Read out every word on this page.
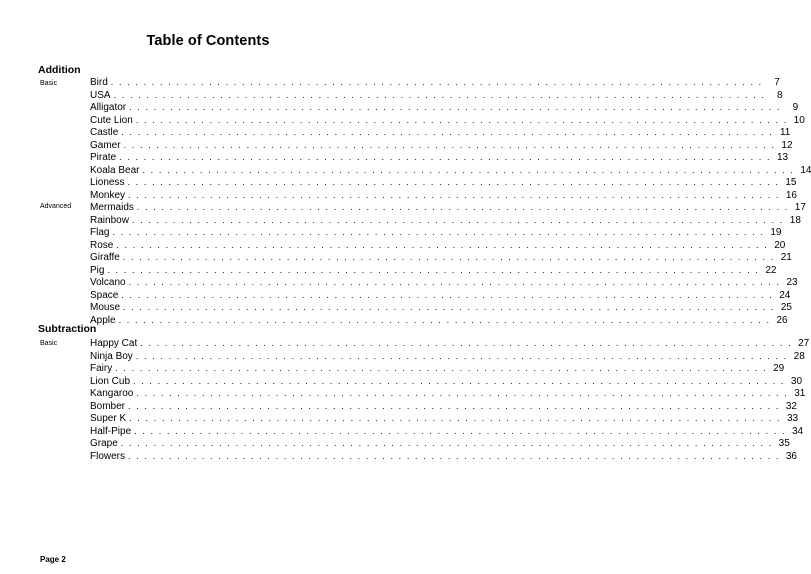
Table of Contents
Addition
Basic
Advanced
Subtraction
Basic
Bird . . . . . . . . . . . . . . . . . . . . . . . . . . . . . . . . . . . . . . . . . . . . . . . . . . . . . . . . . . . . . . . . . . . . . . . . . . . . . . . .	7
USA . . . . . . . . . . . . . . . . . . . . . . . . . . . . . . . . . . . . . . . . . . . . . . . . . . . . . . . . . . . . . . . . . . . . . . . . . . . . . . . .	8
Alligator . . . . . . . . . . . . . . . . . . . . . . . . . . . . . . . . . . . . . . . . . . . . . . . . . . . . . . . . . . . . . . . . . . . . . . . . . . . . . . . .	9
Cute Lion . . . . . . . . . . . . . . . . . . . . . . . . . . . . . . . . . . . . . . . . . . . . . . . . . . . . . . . . . . . . . . . . . . . . . . . . . . . . . . . . 10
Castle . . . . . . . . . . . . . . . . . . . . . . . . . . . . . . . . . . . . . . . . . . . . . . . . . . . . . . . . . . . . . . . . . . . . . . . . . . . . . . . . 11
Gamer . . . . . . . . . . . . . . . . . . . . . . . . . . . . . . . . . . . . . . . . . . . . . . . . . . . . . . . . . . . . . . . . . . . . . . . . . . . . . . . . 12
Pirate . . . . . . . . . . . . . . . . . . . . . . . . . . . . . . . . . . . . . . . . . . . . . . . . . . . . . . . . . . . . . . . . . . . . . . . . . . . . . . . . 13
Koala Bear . . . . . . . . . . . . . . . . . . . . . . . . . . . . . . . . . . . . . . . . . . . . . . . . . . . . . . . . . . . . . . . . . . . . . . . . . . . . . . . . 14
Lioness . . . . . . . . . . . . . . . . . . . . . . . . . . . . . . . . . . . . . . . . . . . . . . . . . . . . . . . . . . . . . . . . . . . . . . . . . . . . . . . . 15
Monkey . . . . . . . . . . . . . . . . . . . . . . . . . . . . . . . . . . . . . . . . . . . . . . . . . . . . . . . . . . . . . . . . . . . . . . . . . . . . . . . . 16
Mermaids . . . . . . . . . . . . . . . . . . . . . . . . . . . . . . . . . . . . . . . . . . . . . . . . . . . . . . . . . . . . . . . . . . . . . . . . . . . . . . . . 17
Rainbow . . . . . . . . . . . . . . . . . . . . . . . . . . . . . . . . . . . . . . . . . . . . . . . . . . . . . . . . . . . . . . . . . . . . . . . . . . . . . . . . 18
Flag . . . . . . . . . . . . . . . . . . . . . . . . . . . . . . . . . . . . . . . . . . . . . . . . . . . . . . . . . . . . . . . . . . . . . . . . . . . . . . . . 19
Rose . . . . . . . . . . . . . . . . . . . . . . . . . . . . . . . . . . . . . . . . . . . . . . . . . . . . . . . . . . . . . . . . . . . . . . . . . . . . . . . . 20
Giraffe . . . . . . . . . . . . . . . . . . . . . . . . . . . . . . . . . . . . . . . . . . . . . . . . . . . . . . . . . . . . . . . . . . . . . . . . . . . . . . . . 21
Pig . . . . . . . . . . . . . . . . . . . . . . . . . . . . . . . . . . . . . . . . . . . . . . . . . . . . . . . . . . . . . . . . . . . . . . . . . . . . . . . . 22
Volcano . . . . . . . . . . . . . . . . . . . . . . . . . . . . . . . . . . . . . . . . . . . . . . . . . . . . . . . . . . . . . . . . . . . . . . . . . . . . . . . . 23
Space . . . . . . . . . . . . . . . . . . . . . . . . . . . . . . . . . . . . . . . . . . . . . . . . . . . . . . . . . . . . . . . . . . . . . . . . . . . . . . . . 24
Mouse . . . . . . . . . . . . . . . . . . . . . . . . . . . . . . . . . . . . . . . . . . . . . . . . . . . . . . . . . . . . . . . . . . . . . . . . . . . . . . . . 25
Apple . . . . . . . . . . . . . . . . . . . . . . . . . . . . . . . . . . . . . . . . . . . . . . . . . . . . . . . . . . . . . . . . . . . . . . . . . . . . . . . . 26
Happy Cat . . . . . . . . . . . . . . . . . . . . . . . . . . . . . . . . . . . . . . . . . . . . . . . . . . . . . . . . . . . . . . . . . . . . . . . . . . . . . . . . 27
Ninja Boy . . . . . . . . . . . . . . . . . . . . . . . . . . . . . . . . . . . . . . . . . . . . . . . . . . . . . . . . . . . . . . . . . . . . . . . . . . . . . . . . 28
Fairy . . . . . . . . . . . . . . . . . . . . . . . . . . . . . . . . . . . . . . . . . . . . . . . . . . . . . . . . . . . . . . . . . . . . . . . . . . . . . . . . 29
Lion Cub . . . . . . . . . . . . . . . . . . . . . . . . . . . . . . . . . . . . . . . . . . . . . . . . . . . . . . . . . . . . . . . . . . . . . . . . . . . . . . . . 30
Kangaroo . . . . . . . . . . . . . . . . . . . . . . . . . . . . . . . . . . . . . . . . . . . . . . . . . . . . . . . . . . . . . . . . . . . . . . . . . . . . . . . . 31
Bomber . . . . . . . . . . . . . . . . . . . . . . . . . . . . . . . . . . . . . . . . . . . . . . . . . . . . . . . . . . . . . . . . . . . . . . . . . . . . . . . . 32
Super K . . . . . . . . . . . . . . . . . . . . . . . . . . . . . . . . . . . . . . . . . . . . . . . . . . . . . . . . . . . . . . . . . . . . . . . . . . . . . . . . 33
Half-Pipe . . . . . . . . . . . . . . . . . . . . . . . . . . . . . . . . . . . . . . . . . . . . . . . . . . . . . . . . . . . . . . . . . . . . . . . . . . . . . . . . 34
Grape . . . . . . . . . . . . . . . . . . . . . . . . . . . . . . . . . . . . . . . . . . . . . . . . . . . . . . . . . . . . . . . . . . . . . . . . . . . . . . . . 35
Flowers . . . . . . . . . . . . . . . . . . . . . . . . . . . . . . . . . . . . . . . . . . . . . . . . . . . . . . . . . . . . . . . . . . . . . . . . . . . . . . . . 36
Page 2
